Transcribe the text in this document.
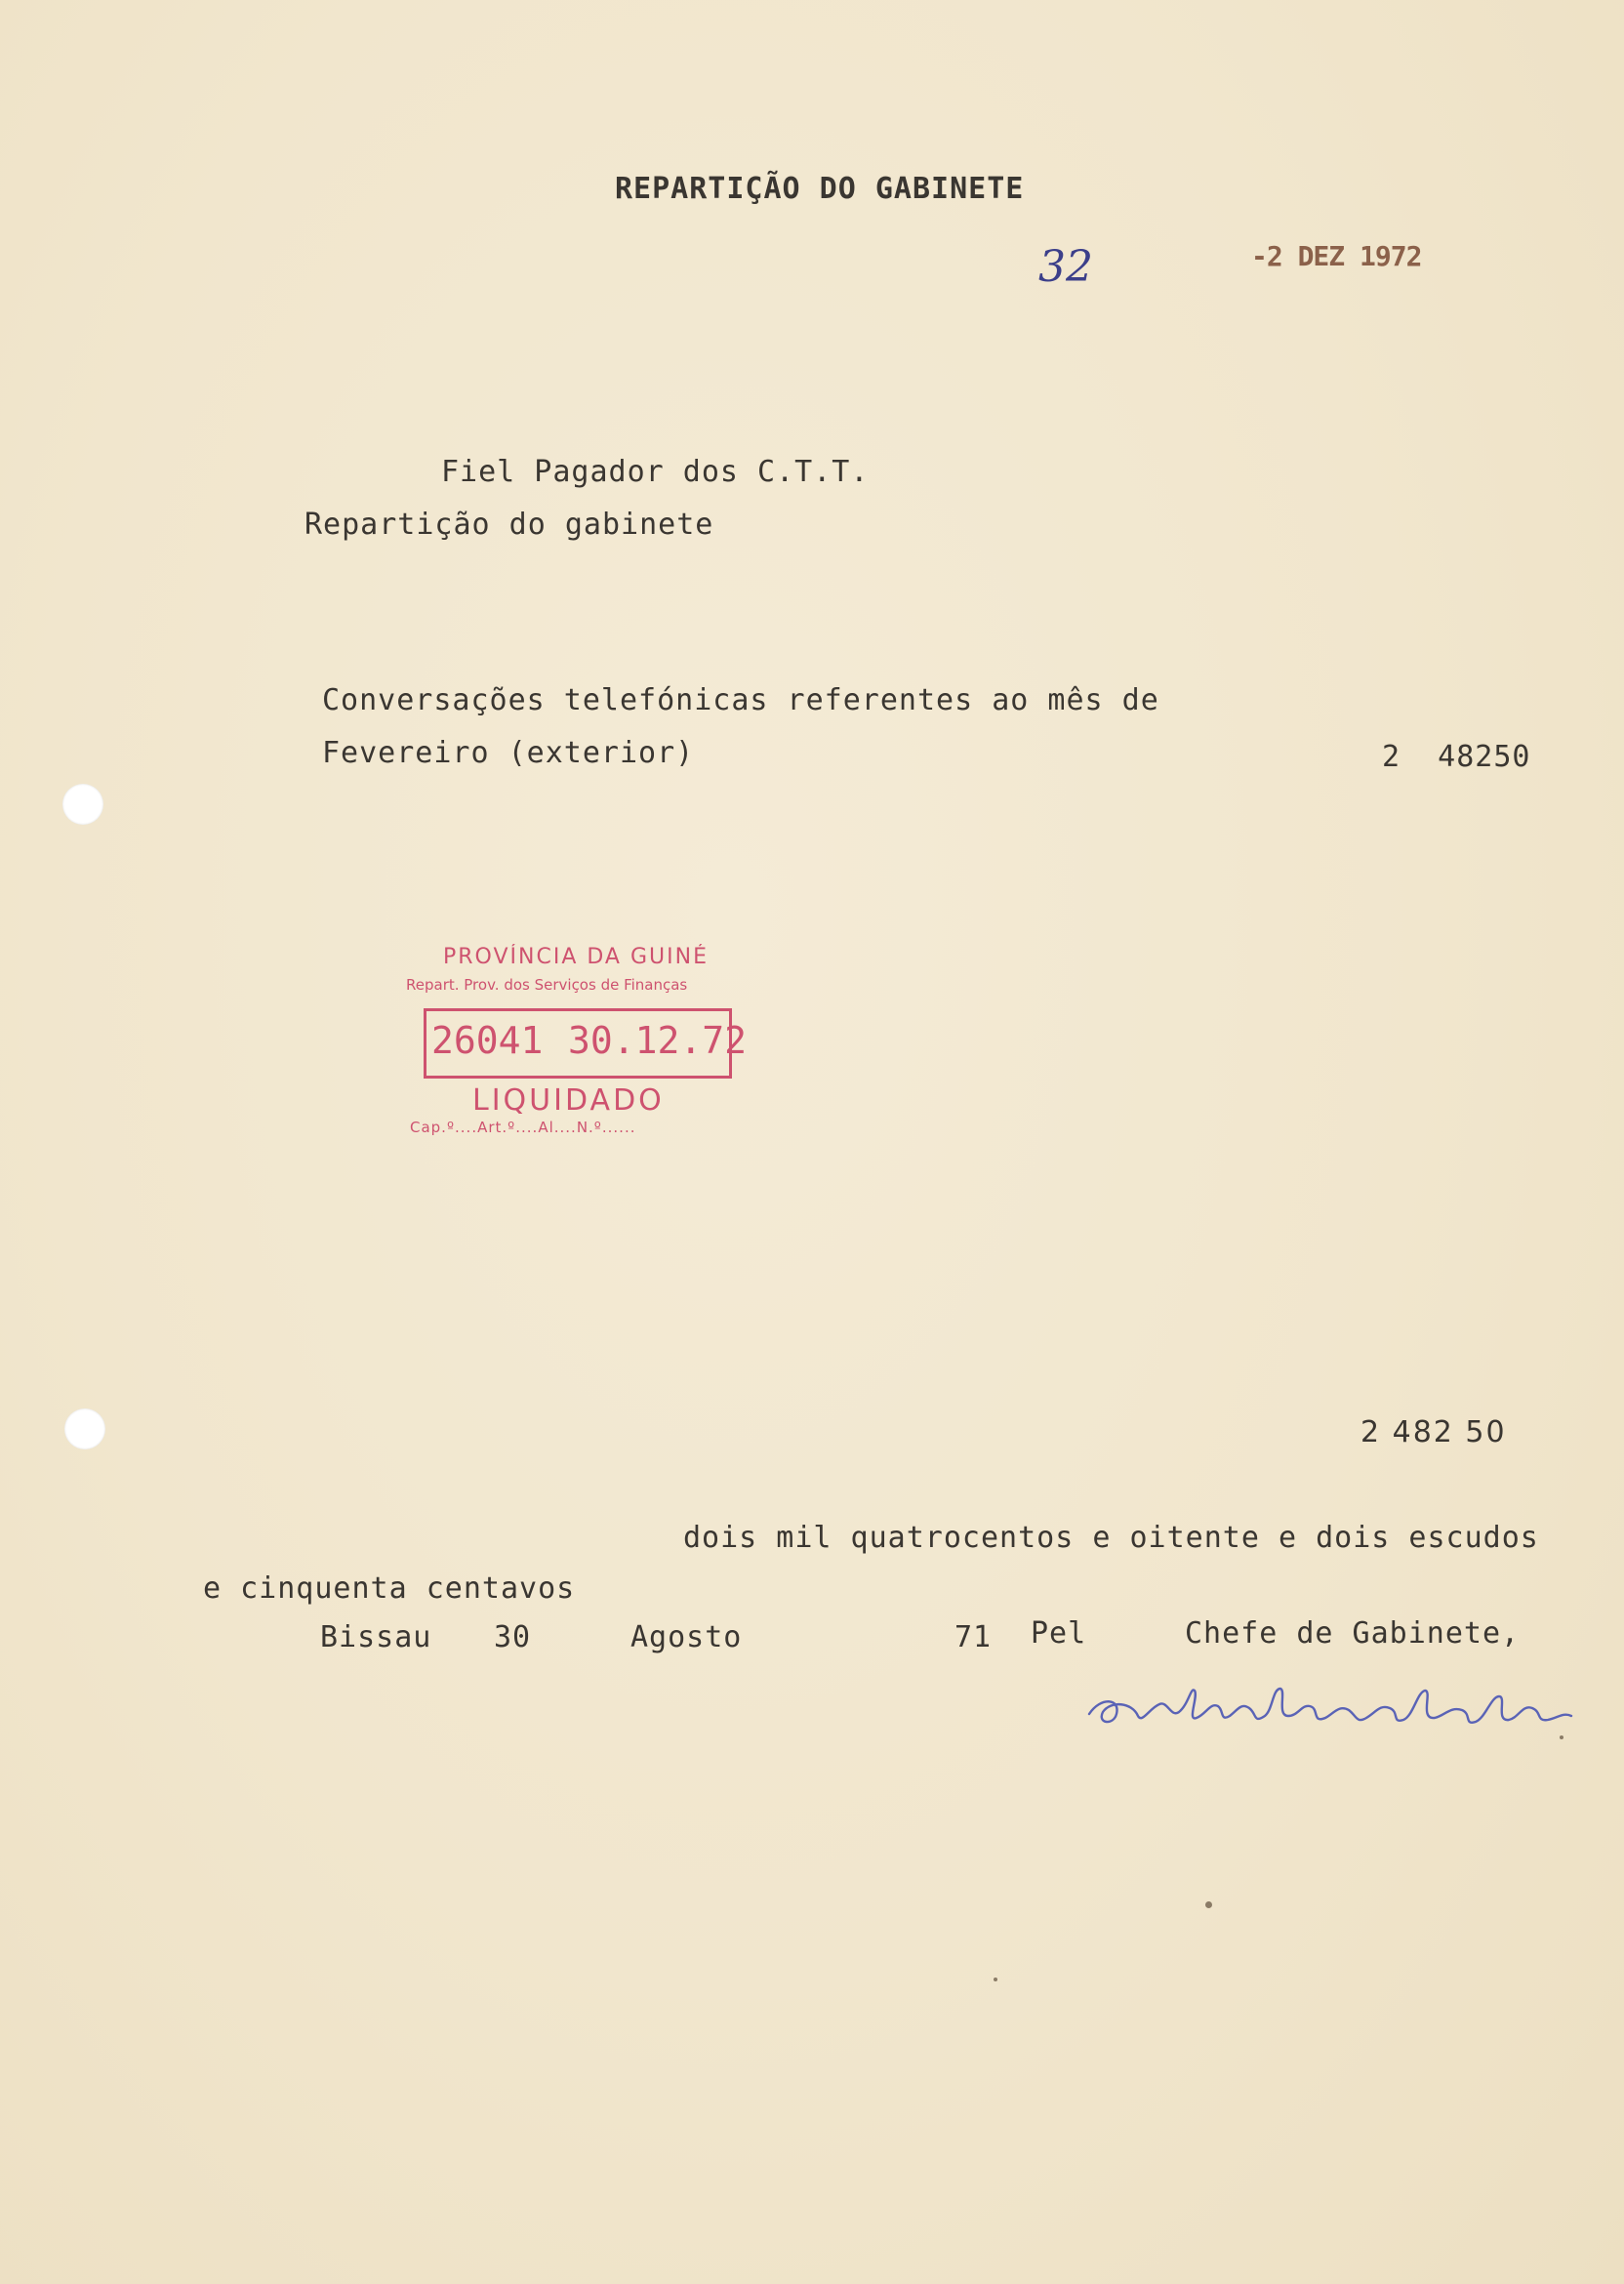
REPARTIÇÃO DO GABINETE
32	-2 DEZ 1972
Fiel Pagador dos C.T.T.
Repartição do gabinete
Conversações telefónicas referentes ao mês de
Fevereiro (exterior)	2  48250
PROVÍNCIA DA GUINÉ
Repart. Prov. dos Serviços de Finanças
26041 30.12.72
LIQUIDADO
Cap.º....Art.º....Al....N.º......
2 482 50
dois mil quatrocentos e oitente e dois escudos
e cinquenta centavos
Bissau 30	Agosto	71 Pel	Chefe de Gabinete,
